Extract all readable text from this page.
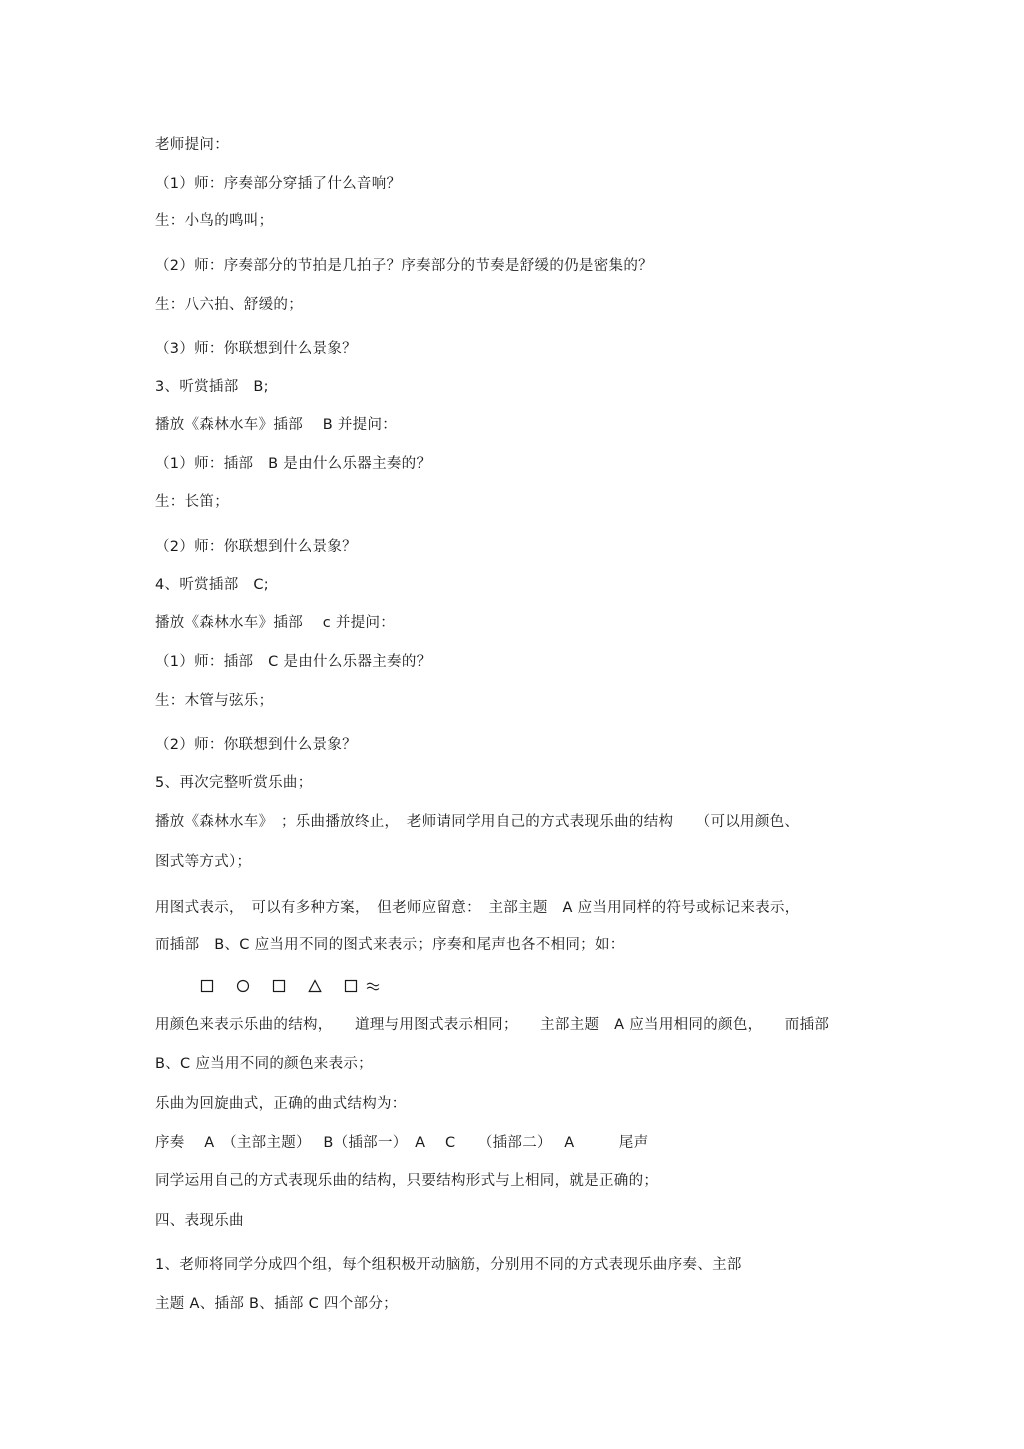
老师提问：
（1）师：序奏部分穿插了什么音响？
生：小鸟的鸣叫；
（2）师：序奏部分的节拍是几拍子？序奏部分的节奏是舒缓的仍是密集的？
生：八六拍、舒缓的；
（3）师：你联想到什么景象？
3、听赏插部　B;
播放《森林水车》插部　 B 并提问：
（1）师：插部　B 是由什么乐器主奏的？
生：长笛；
（2）师：你联想到什么景象？
4、听赏插部　C;
播放《森林水车》插部　 c 并提问：
（1）师：插部　C 是由什么乐器主奏的？
生：木管与弦乐；
（2）师：你联想到什么景象？
5、再次完整听赏乐曲；
播放《森林水车》　；乐曲播放终止，　老师请同学用自己的方式表现乐曲的结构　　（可以用颜色、
图式等方式）；
用图式表示，　可以有多种方案，　但老师应留意：　主部主题　A 应当用同样的符号或标记来表示，
而插部　B、C 应当用不同的图式来表示；序奏和尾声也各不相同；如：
用颜色来表示乐曲的结构，　　道理与用图式表示相同；　　主部主题　A 应当用相同的颜色，　　而插部
B、C 应当用不同的颜色来表示；
乐曲为回旋曲式，正确的曲式结构为：
序奏　 A　（主部主题）　 B（插部一）　A　 C　　（插部二）　 A　　　尾声
同学运用自己的方式表现乐曲的结构，只要结构形式与上相同，就是正确的；
四、表现乐曲
1、老师将同学分成四个组，每个组积极开动脑筋，分别用不同的方式表现乐曲序奏、主部
主题 A、插部 B、插部 C 四个部分；
